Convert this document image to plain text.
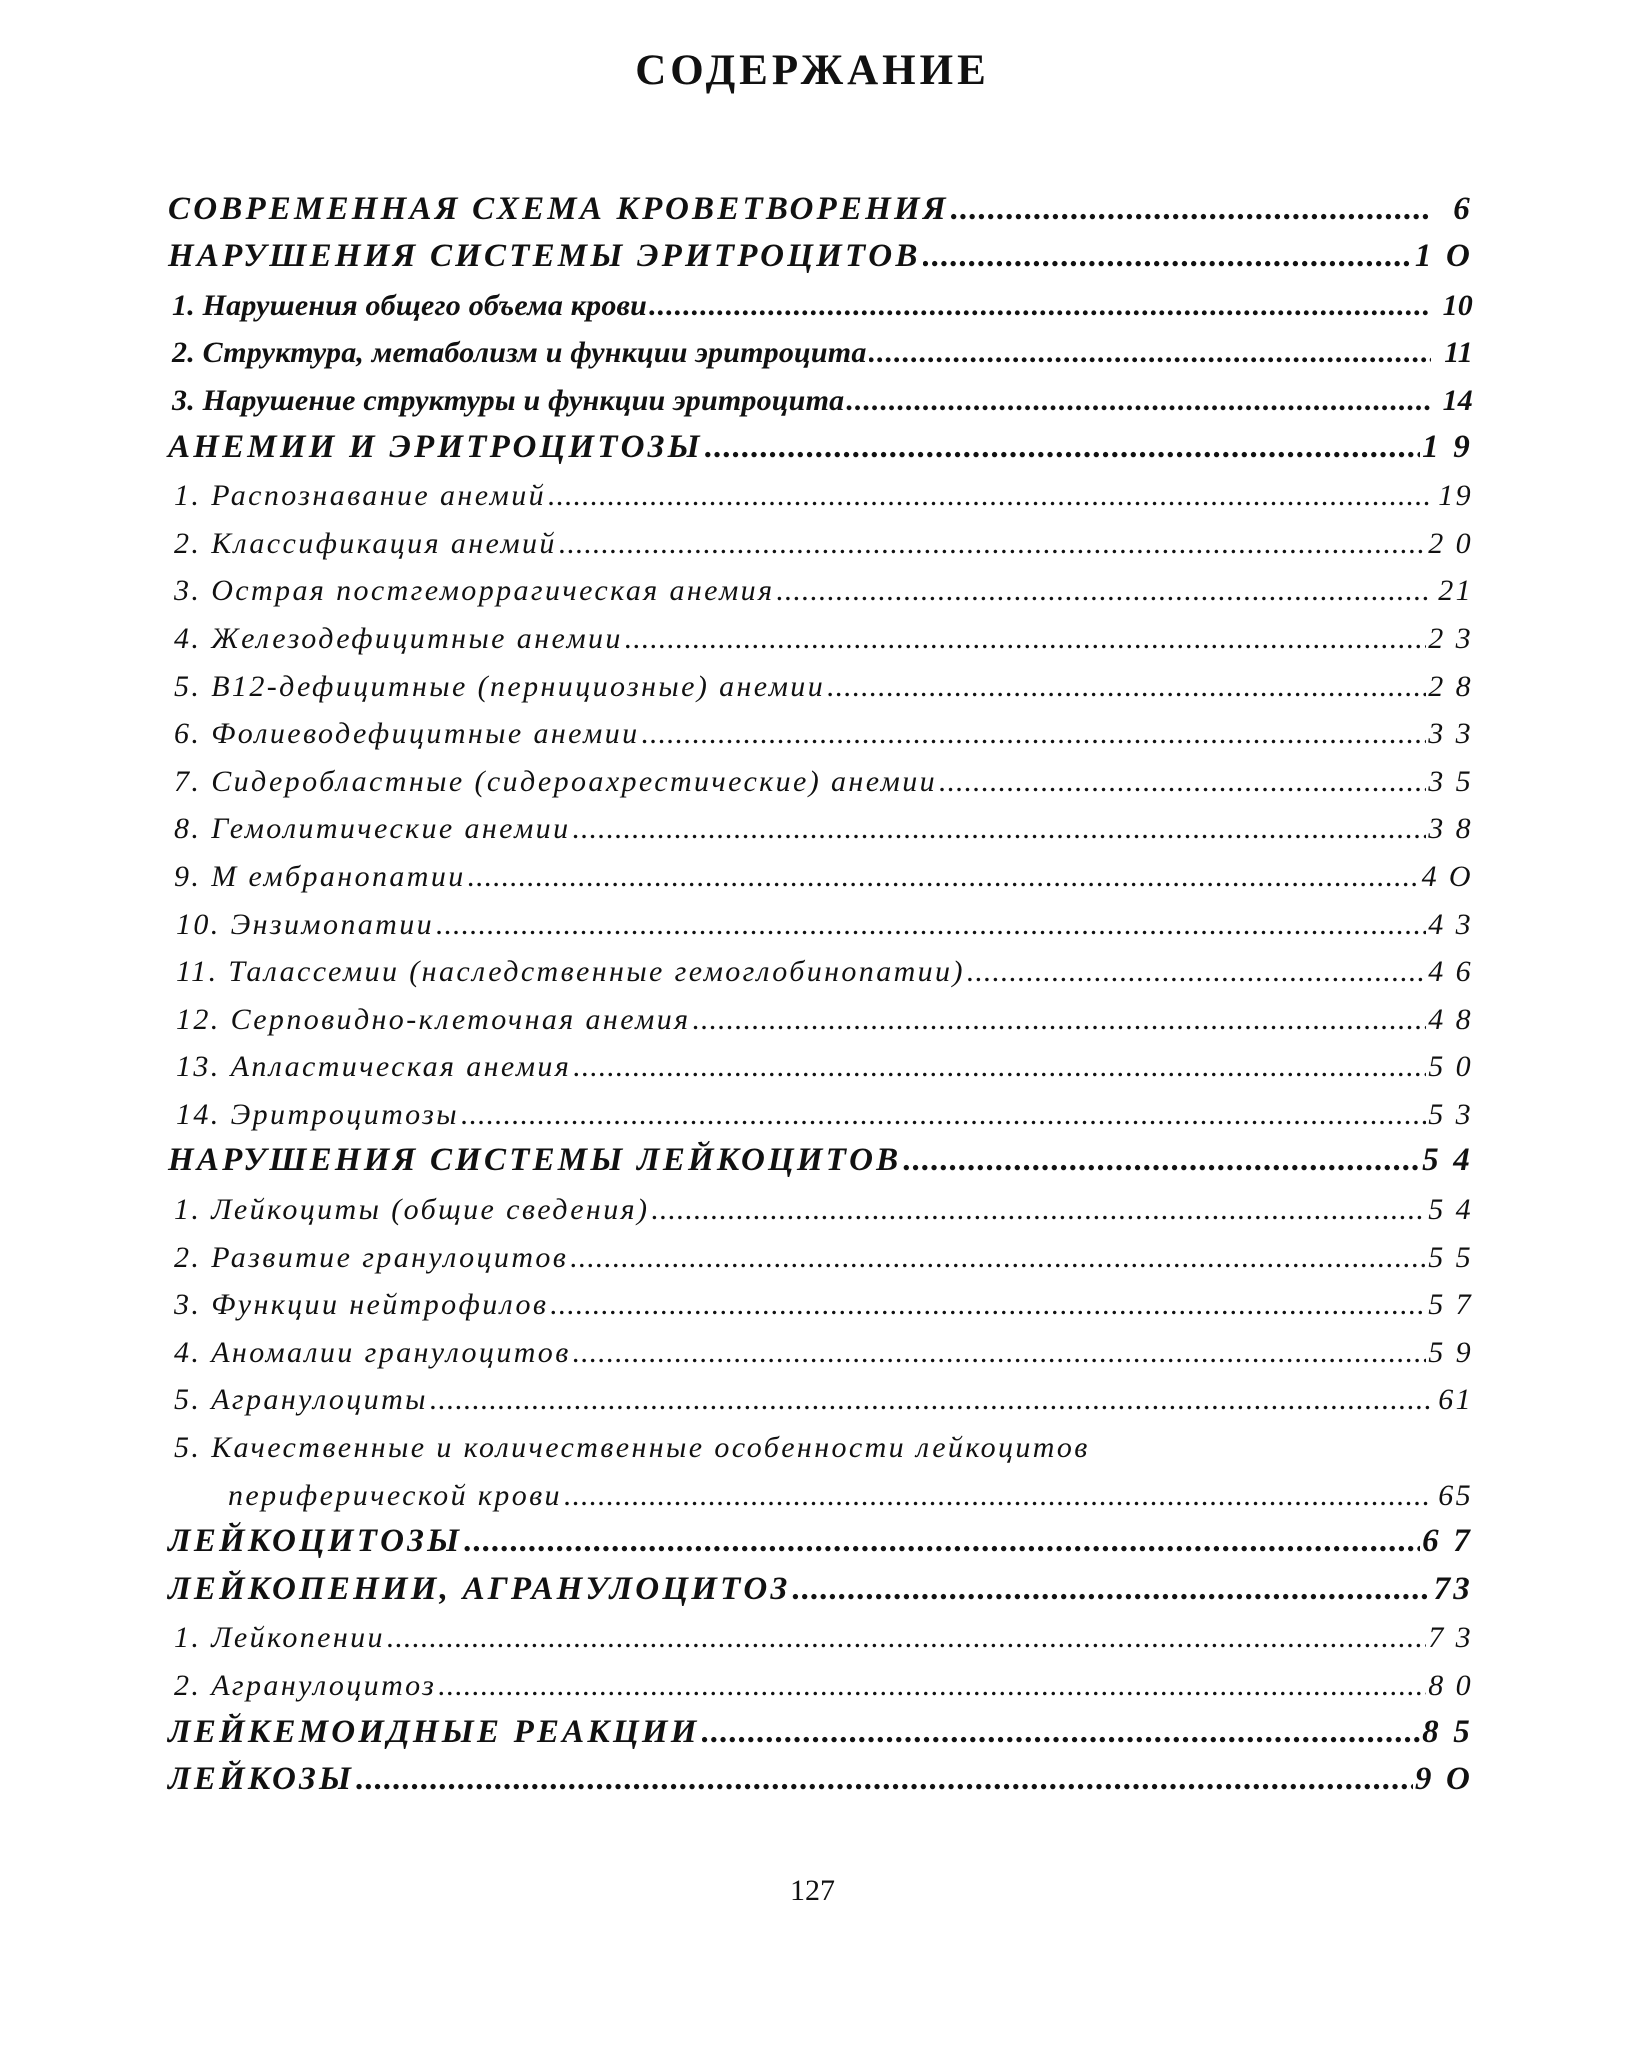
СОДЕРЖАНИЕ
СОВРЕМЕННАЯ СХЕМА КРОВЕТВОРЕНИЯ .....	6
НАРУШЕНИЯ СИСТЕМЫ ЭРИТРОЦИТОВ .....	1 О
1. Нарушения общего объема крови .....	10
2. Структура, метаболизм и функции эритроцита .....	11
3. Нарушение структуры и функции эритроцита .....	14
АНЕМИИ И ЭРИТРОЦИТОЗЫ .....	1 9
1. Распознавание анемий .....	19
2. Классификация анемий .....	2 0
3. Острая постгеморрагическая анемия .....	21
4. Железодефицитные анемии .....	2 3
5. В12-дефицитные (пернициозные) анемии .....	2 8
6. Фолиеводефицитные анемии .....	3 3
7. Сидеробластные (сидероахрестические) анемии .....	3 5
8. Гемолитические анемии .....	3 8
9. М ембранопатии .....	4 О
10. Энзимопатии .....	4 3
11. Талассемии (наследственные гемоглобинопатии) .....	4 6
12. Серповидно-клеточная анемия .....	4 8
13. Апластическая анемия .....	5 0
14. Эритроцитозы .....	5 3
НАРУШЕНИЯ СИСТЕМЫ ЛЕЙКОЦИТОВ .....	5 4
1. Лейкоциты (общие сведения) .....	5 4
2. Развитие гранулоцитов .....	5 5
3. Функции нейтрофилов .....	5 7
4. Аномалии гранулоцитов .....	5 9
5. Агранулоциты .....	61
5. Качественные и количественные особенности лейкоцитов
периферической крови .....	65
ЛЕЙКОЦИТОЗЫ .....	6 7
ЛЕЙКОПЕНИИ, АГРАНУЛОЦИТОЗ .....	73
1. Лейкопении .....	7 3
2. Агранулоцитоз .....	8 0
ЛЕЙКЕМОИДНЫЕ РЕАКЦИИ .....	8 5
ЛЕЙКОЗЫ .....	9 О
127
